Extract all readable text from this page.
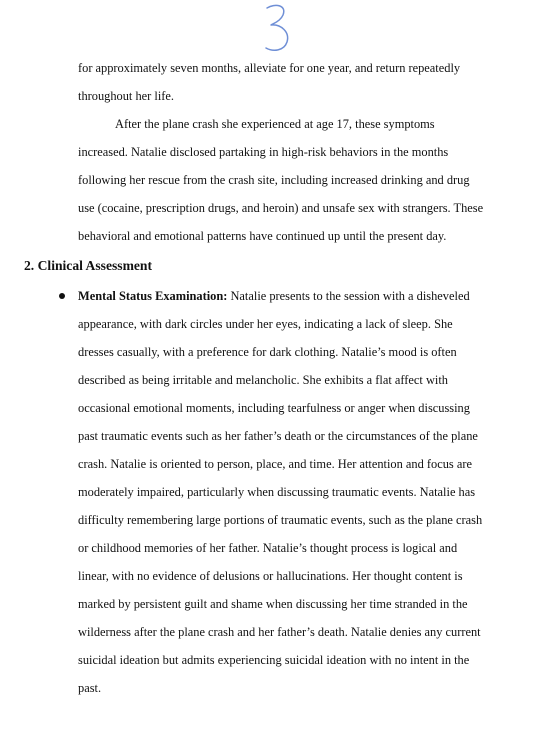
for approximately seven months, alleviate for one year, and return repeatedly

throughout her life.

After the plane crash she experienced at age 17, these symptoms

increased. Natalie disclosed partaking in high-risk behaviors in the months

following her rescue from the crash site, including increased drinking and drug

use (cocaine, prescription drugs, and heroin) and unsafe sex with strangers. These

behavioral and emotional patterns have continued up until the present day.

2. Clinical Assessment

Mental Status Examination: Natalie presents to the session with a disheveled

appearance, with dark circles under her eyes, indicating a lack of sleep. She

dresses casually, with a preference for dark clothing. Natalie’s mood is often

described as being irritable and melancholic. She exhibits a flat affect with

occasional emotional moments, including tearfulness or anger when discussing

past traumatic events such as her father’s death or the circumstances of the plane

crash. Natalie is oriented to person, place, and time. Her attention and focus are

moderately impaired, particularly when discussing traumatic events. Natalie has

difficulty remembering large portions of traumatic events, such as the plane crash

or childhood memories of her father. Natalie’s thought process is logical and

linear, with no evidence of delusions or hallucinations. Her thought content is

marked by persistent guilt and shame when discussing her time stranded in the

wilderness after the plane crash and her father’s death. Natalie denies any current

suicidal ideation but admits experiencing suicidal ideation with no intent in the

past.
